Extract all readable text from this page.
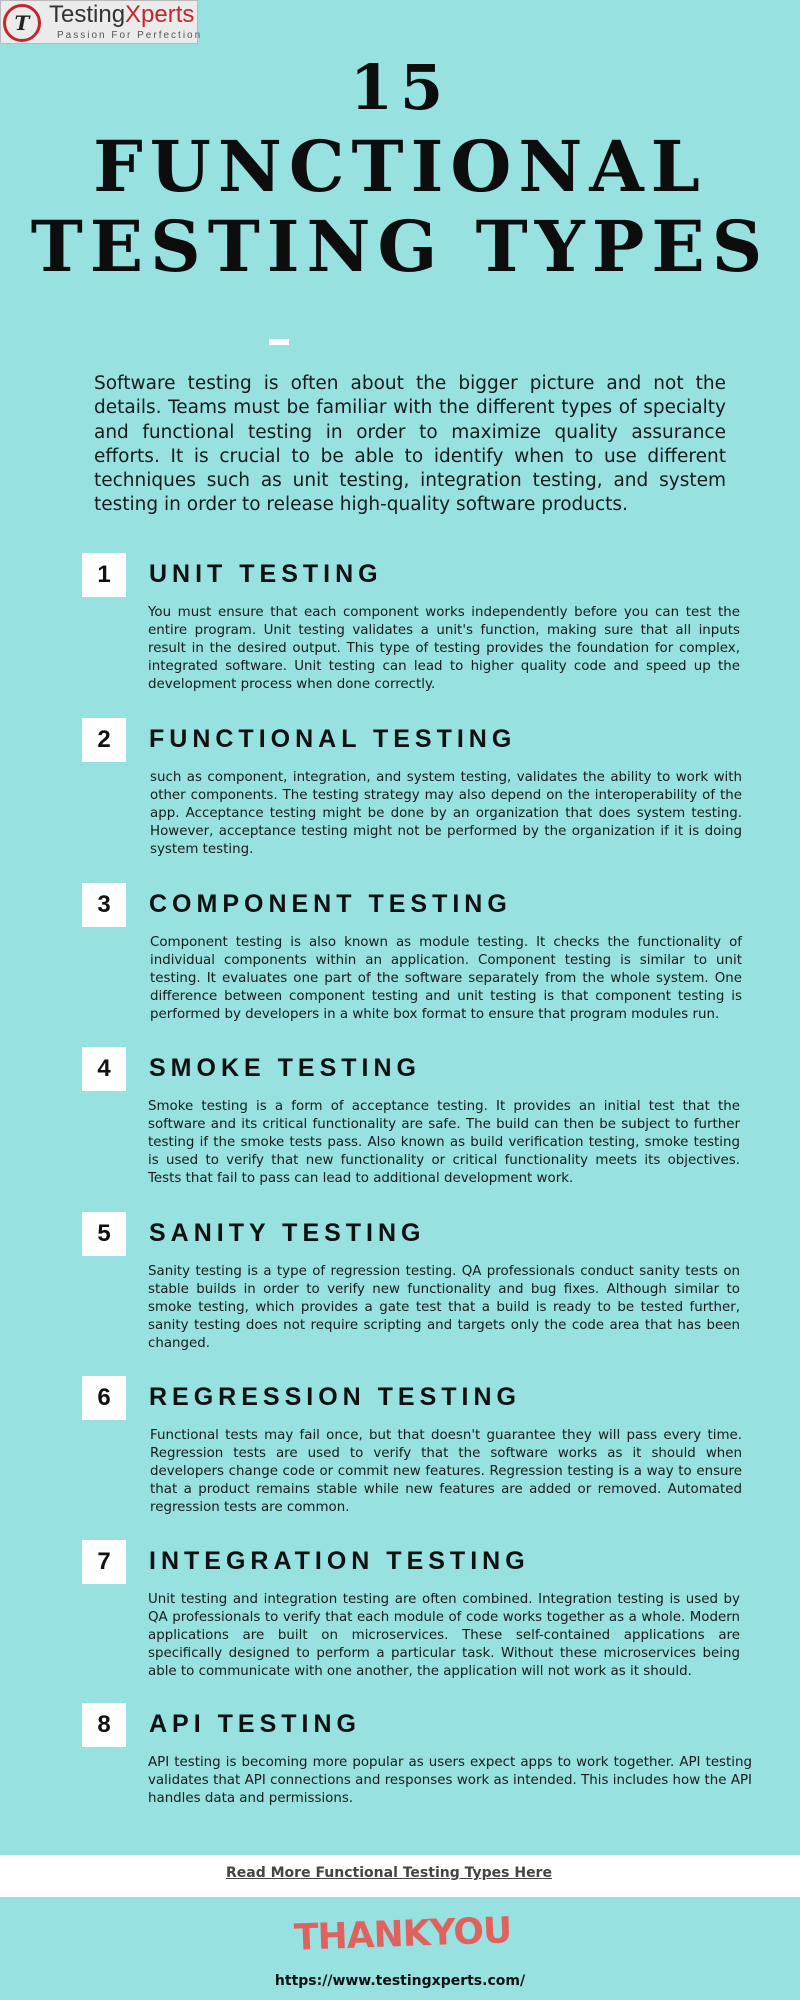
T TestingXperts
Passion For Perfection
15
FUNCTIONAL
TESTING TYPES
Software testing is often about the bigger picture and not the details. Teams must be familiar with the different types of specialty and functional testing in order to maximize quality assurance efforts. It is crucial to be able to identify when to use different techniques such as unit testing, integration testing, and system testing in order to release high-quality software products.
1	UNIT TESTING
You must ensure that each component works independently before you can test the entire program. Unit testing validates a unit's function, making sure that all inputs result in the desired output. This type of testing provides the foundation for complex, integrated software. Unit testing can lead to higher quality code and speed up the development process when done correctly.
2	FUNCTIONAL TESTING
such as component, integration, and system testing, validates the ability to work with other components. The testing strategy may also depend on the interoperability of the app. Acceptance testing might be done by an organization that does system testing. However, acceptance testing might not be performed by the organization if it is doing system testing.
3	COMPONENT TESTING
Component testing is also known as module testing. It checks the functionality of individual components within an application. Component testing is similar to unit testing. It evaluates one part of the software separately from the whole system. One difference between component testing and unit testing is that component testing is performed by developers in a white box format to ensure that program modules run.
4	SMOKE TESTING
Smoke testing is a form of acceptance testing. It provides an initial test that the software and its critical functionality are safe. The build can then be subject to further testing if the smoke tests pass. Also known as build verification testing, smoke testing is used to verify that new functionality or critical functionality meets its objectives. Tests that fail to pass can lead to additional development work.
5	SANITY TESTING
Sanity testing is a type of regression testing. QA professionals conduct sanity tests on stable builds in order to verify new functionality and bug fixes. Although similar to smoke testing, which provides a gate test that a build is ready to be tested further, sanity testing does not require scripting and targets only the code area that has been changed.
6	REGRESSION TESTING
Functional tests may fail once, but that doesn't guarantee they will pass every time. Regression tests are used to verify that the software works as it should when developers change code or commit new features. Regression testing is a way to ensure that a product remains stable while new features are added or removed. Automated regression tests are common.
7	INTEGRATION TESTING
Unit testing and integration testing are often combined. Integration testing is used by QA professionals to verify that each module of code works together as a whole. Modern applications are built on microservices. These self-contained applications are specifically designed to perform a particular task. Without these microservices being able to communicate with one another, the application will not work as it should.
8	API TESTING
API testing is becoming more popular as users expect apps to work together. API testing validates that API connections and responses work as intended. This includes how the API handles data and permissions.
Read More Functional Testing Types Here
THANKYOU
https://www.testingxperts.com/
